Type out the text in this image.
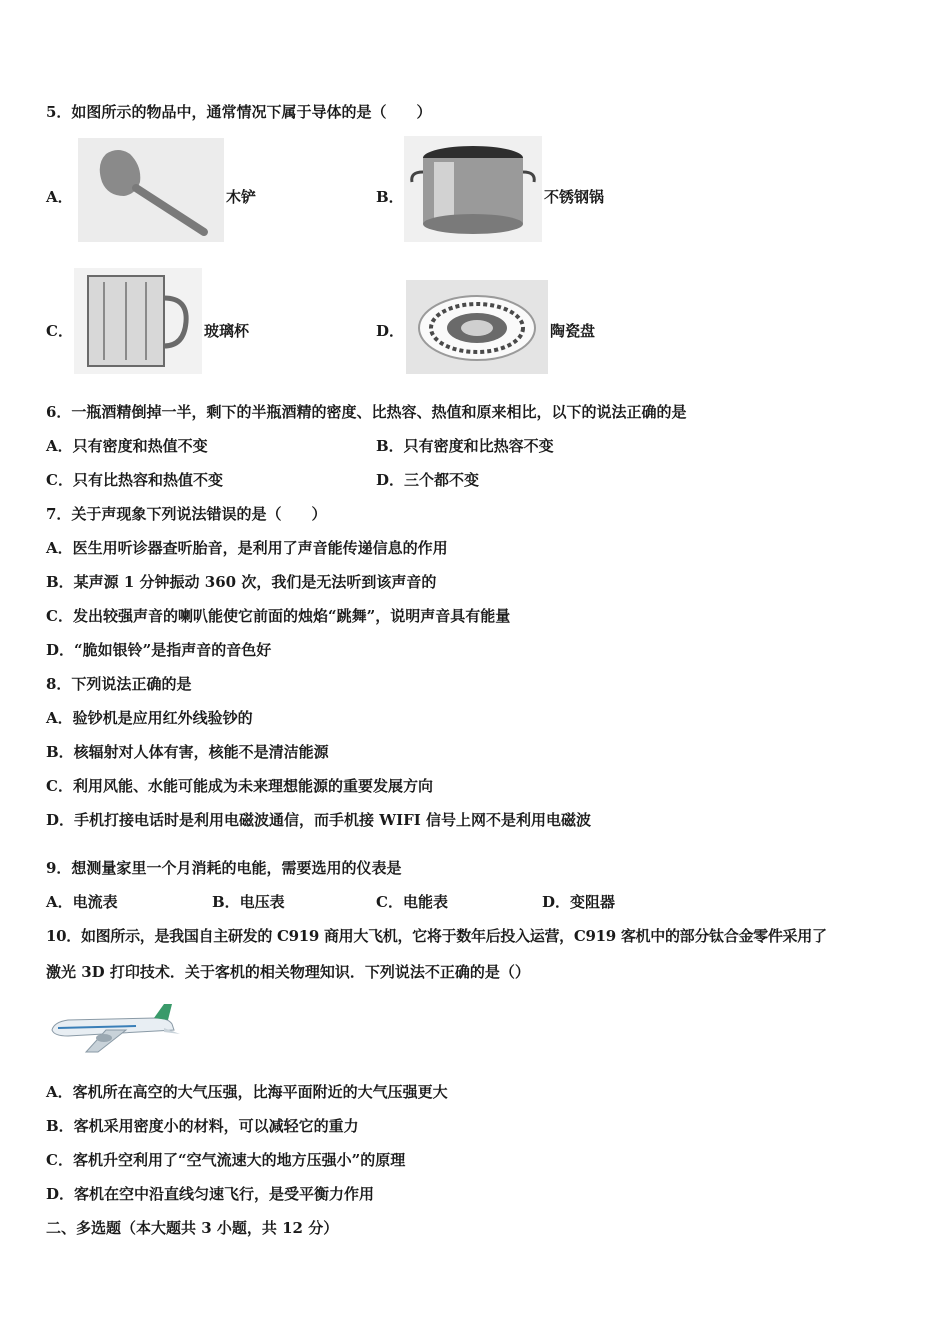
5．如图所示的物品中，通常情况下属于导体的是（　　）
A．	木铲	B．	不锈钢锅
C．	玻璃杯	D．	陶瓷盘
6．一瓶酒精倒掉一半，剩下的半瓶酒精的密度、比热容、热值和原来相比，以下的说法正确的是
A．只有密度和热值不变	B．只有密度和比热容不变
C．只有比热容和热值不变	D．三个都不变
7．关于声现象下列说法错误的是（　　）
A．医生用听诊器查听胎音，是利用了声音能传递信息的作用
B．某声源 1 分钟振动 360 次，我们是无法听到该声音的
C．发出较强声音的喇叭能使它前面的烛焰“跳舞”，说明声音具有能量
D．“脆如银铃”是指声音的音色好
8．下列说法正确的是
A．验钞机是应用红外线验钞的
B．核辐射对人体有害，核能不是清洁能源
C．利用风能、水能可能成为未来理想能源的重要发展方向
D．手机打接电话时是利用电磁波通信，而手机接 WIFI 信号上网不是利用电磁波
9．想测量家里一个月消耗的电能，需要选用的仪表是
A．电流表	B．电压表	C．电能表	D．变阻器
10．如图所示，是我国自主研发的 C919 商用大飞机，它将于数年后投入运营，C919 客机中的部分钛合金零件采用了
激光 3D 打印技术．关于客机的相关物理知识．下列说法不正确的是（）
A．客机所在高空的大气压强，比海平面附近的大气压强更大
B．客机采用密度小的材料，可以减轻它的重力
C．客机升空利用了“空气流速大的地方压强小”的原理
D．客机在空中沿直线匀速飞行，是受平衡力作用
二、多选题（本大题共 3 小题，共 12 分）
